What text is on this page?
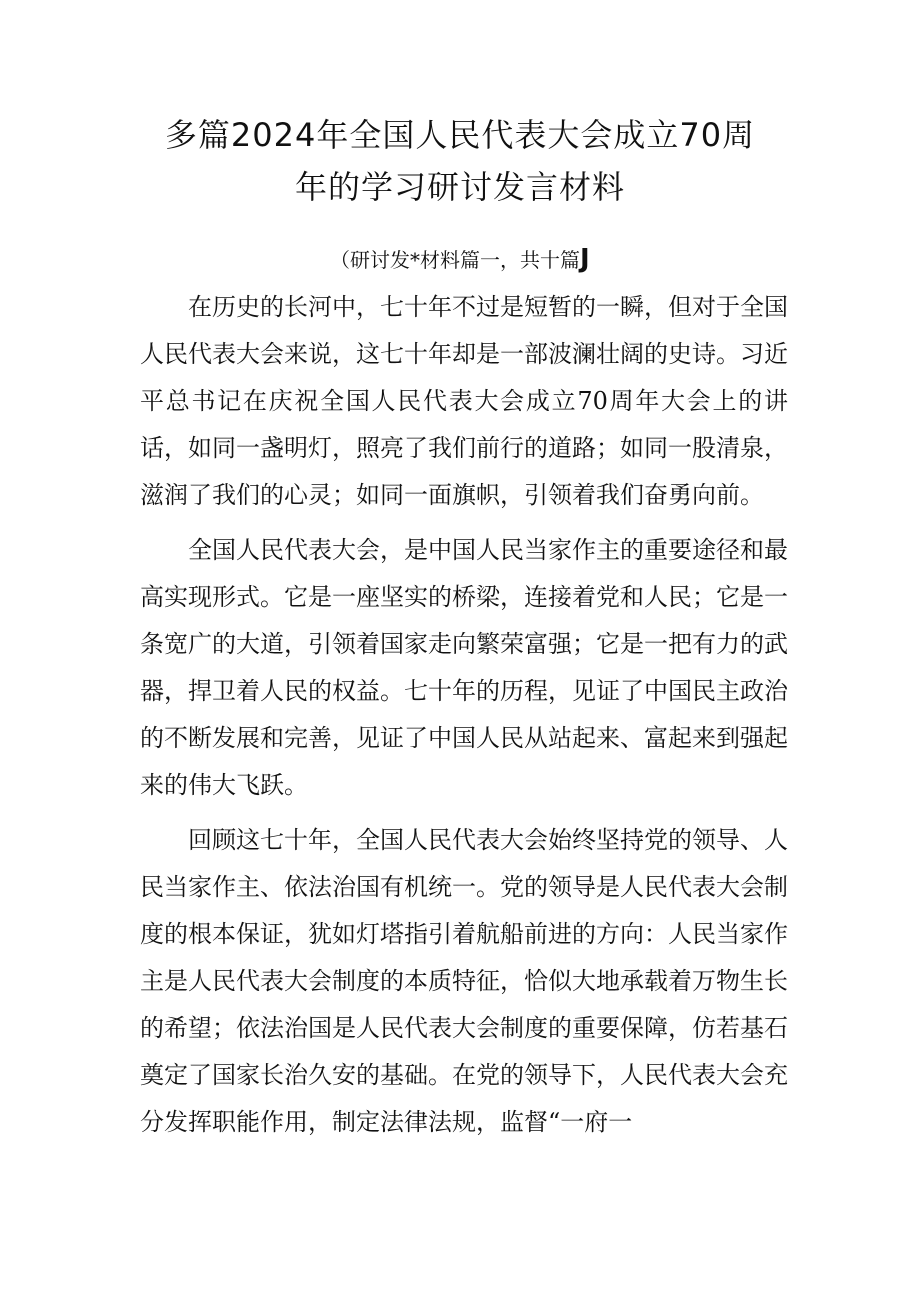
多篇2024年全国人民代表大会成立70周
年的学习研讨发言材料
（研讨发*材料篇一，共十篇J

在历史的长河中，七十年不过是短暂的一瞬，但对于全国人民代表大会来说，这七十年却是一部波澜壮阔的史诗。习近平总书记在庆祝全国人民代表大会成立70周年大会上的讲话，如同一盏明灯，照亮了我们前行的道路；如同一股清泉，滋润了我们的心灵；如同一面旗帜，引领着我们奋勇向前。

全国人民代表大会，是中国人民当家作主的重要途径和最高实现形式。它是一座坚实的桥梁，连接着党和人民；它是一条宽广的大道，引领着国家走向繁荣富强；它是一把有力的武器，捍卫着人民的权益。七十年的历程，见证了中国民主政治的不断发展和完善，见证了中国人民从站起来、富起来到强起来的伟大飞跃。

回顾这七十年，全国人民代表大会始终坚持党的领导、人民当家作主、依法治国有机统一。党的领导是人民代表大会制度的根本保证，犹如灯塔指引着航船前进的方向：人民当家作主是人民代表大会制度的本质特征，恰似大地承载着万物生长的希望；依法治国是人民代表大会制度的重要保障，仿若基石奠定了国家长治久安的基础。在党的领导下，人民代表大会充分发挥职能作用，制定法律法规，监督“一府一
